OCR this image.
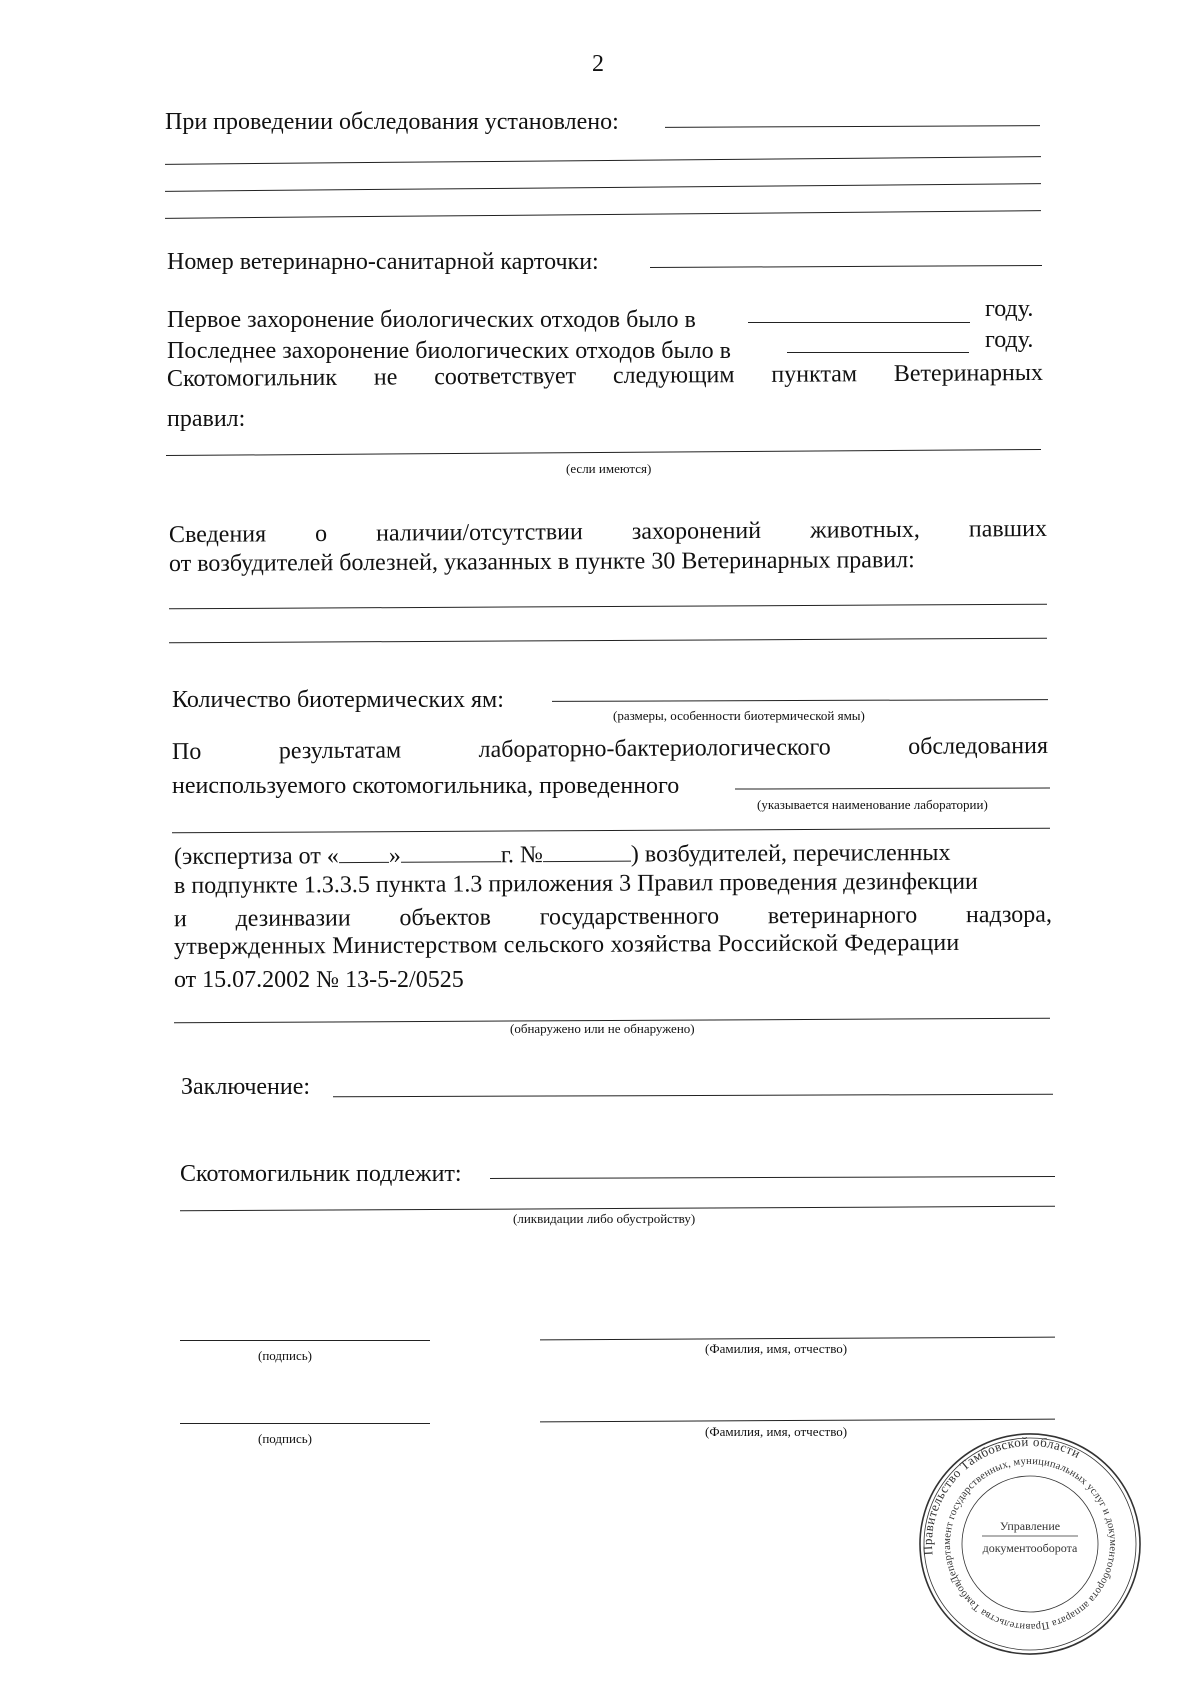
2
При проведении обследования установлено:
Номер ветеринарно-санитарной карточки:
Первое захоронение биологических отходов было в	году.
Последнее захоронение биологических отходов было в	году.
Скотомогильник не соответствует следующим пунктам Ветеринарных
правил:
(если имеются)
Сведения о наличии/отсутствии захоронений животных, павших
от возбудителей болезней, указанных в пункте 30 Ветеринарных правил:
Количество биотермических ям:
(размеры, особенности биотермической ямы)
По	результатам	лабораторно-бактериологического	обследования
неиспользуемого скотомогильника, проведенного
(указывается наименование лаборатории)
(экспертиза от « »	г. №	) возбудителей, перечисленных
в подпункте 1.3.3.5 пункта 1.3 приложения 3 Правил проведения дезинфекции
и дезинвазии объектов государственного ветеринарного надзора,
утвержденных Министерством сельского хозяйства Российской Федерации
от 15.07.2002 № 13-5-2/0525
(обнаружено или не обнаружено)
Заключение:
Скотомогильник подлежит:
(ликвидации либо обустройству)
(подпись)	(Фамилия, имя, отчество)
(подпись)	(Фамилия, имя, отчество)
Правительство Тамбовской области
Департамент государственных, муниципальных услуг и документооборота аппарата Правительства Тамбовской
Управление
документооборота
